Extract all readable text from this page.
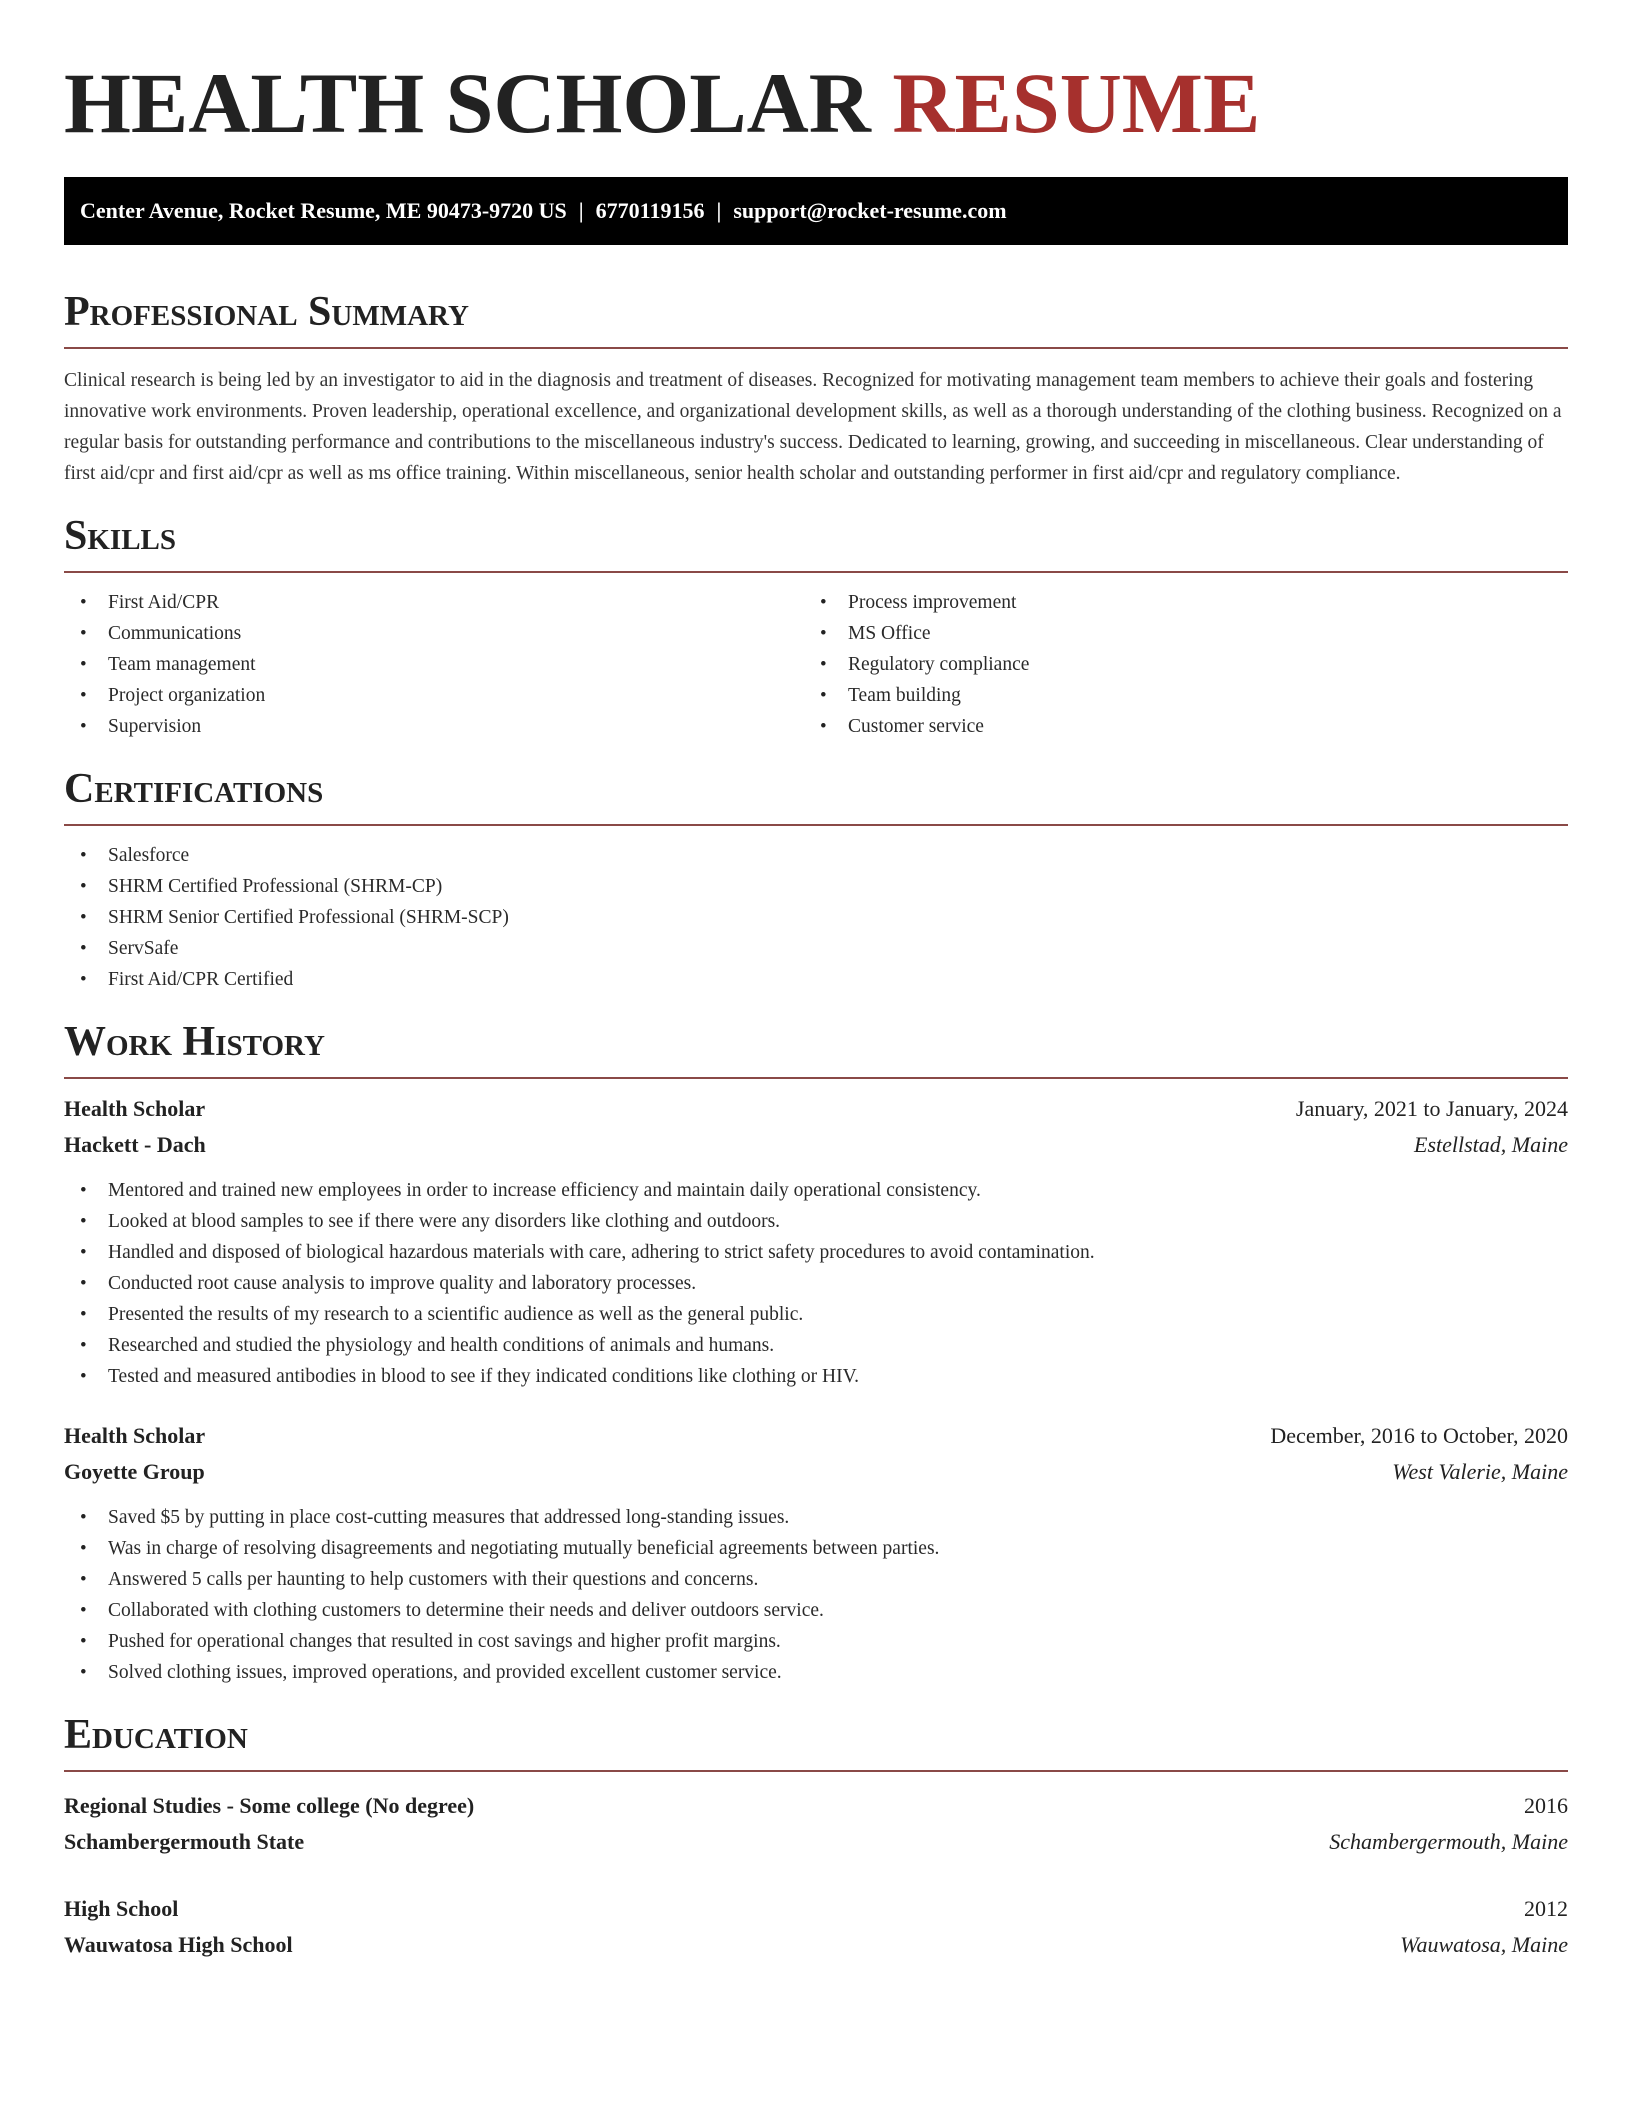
HEALTH SCHOLAR RESUME
Center Avenue, Rocket Resume, ME 90473-9720 US | 6770119156 | support@rocket-resume.com
Professional Summary

Clinical research is being led by an investigator to aid in the diagnosis and treatment of diseases. Recognized for motivating management team members to achieve their goals and fostering innovative work environments. Proven leadership, operational excellence, and organizational development skills, as well as a thorough understanding of the clothing business. Recognized on a regular basis for outstanding performance and contributions to the miscellaneous industry's success. Dedicated to learning, growing, and succeeding in miscellaneous. Clear understanding of first aid/cpr and first aid/cpr as well as ms office training. Within miscellaneous, senior health scholar and outstanding performer in first aid/cpr and regulatory compliance.

Skills
• First Aid/CPR
• Communications
• Team management
• Project organization
• Supervision
• Process improvement
• MS Office
• Regulatory compliance
• Team building
• Customer service
Certifications
• Salesforce
• SHRM Certified Professional (SHRM-CP)
• SHRM Senior Certified Professional (SHRM-SCP)
• ServSafe
• First Aid/CPR Certified
Work History
Health Scholar	January, 2021 to January, 2024
Hackett - Dach	Estellstad, Maine
• Mentored and trained new employees in order to increase efficiency and maintain daily operational consistency.
• Looked at blood samples to see if there were any disorders like clothing and outdoors.
• Handled and disposed of biological hazardous materials with care, adhering to strict safety procedures to avoid contamination.
• Conducted root cause analysis to improve quality and laboratory processes.
• Presented the results of my research to a scientific audience as well as the general public.
• Researched and studied the physiology and health conditions of animals and humans.
• Tested and measured antibodies in blood to see if they indicated conditions like clothing or HIV.
Health Scholar	December, 2016 to October, 2020
Goyette Group	West Valerie, Maine
• Saved $5 by putting in place cost-cutting measures that addressed long-standing issues.
• Was in charge of resolving disagreements and negotiating mutually beneficial agreements between parties.
• Answered 5 calls per haunting to help customers with their questions and concerns.
• Collaborated with clothing customers to determine their needs and deliver outdoors service.
• Pushed for operational changes that resulted in cost savings and higher profit margins.
• Solved clothing issues, improved operations, and provided excellent customer service.
Education
Regional Studies - Some college (No degree)	2016
Schambergermouth State	Schambergermouth, Maine
High School	2012
Wauwatosa High School	Wauwatosa, Maine
